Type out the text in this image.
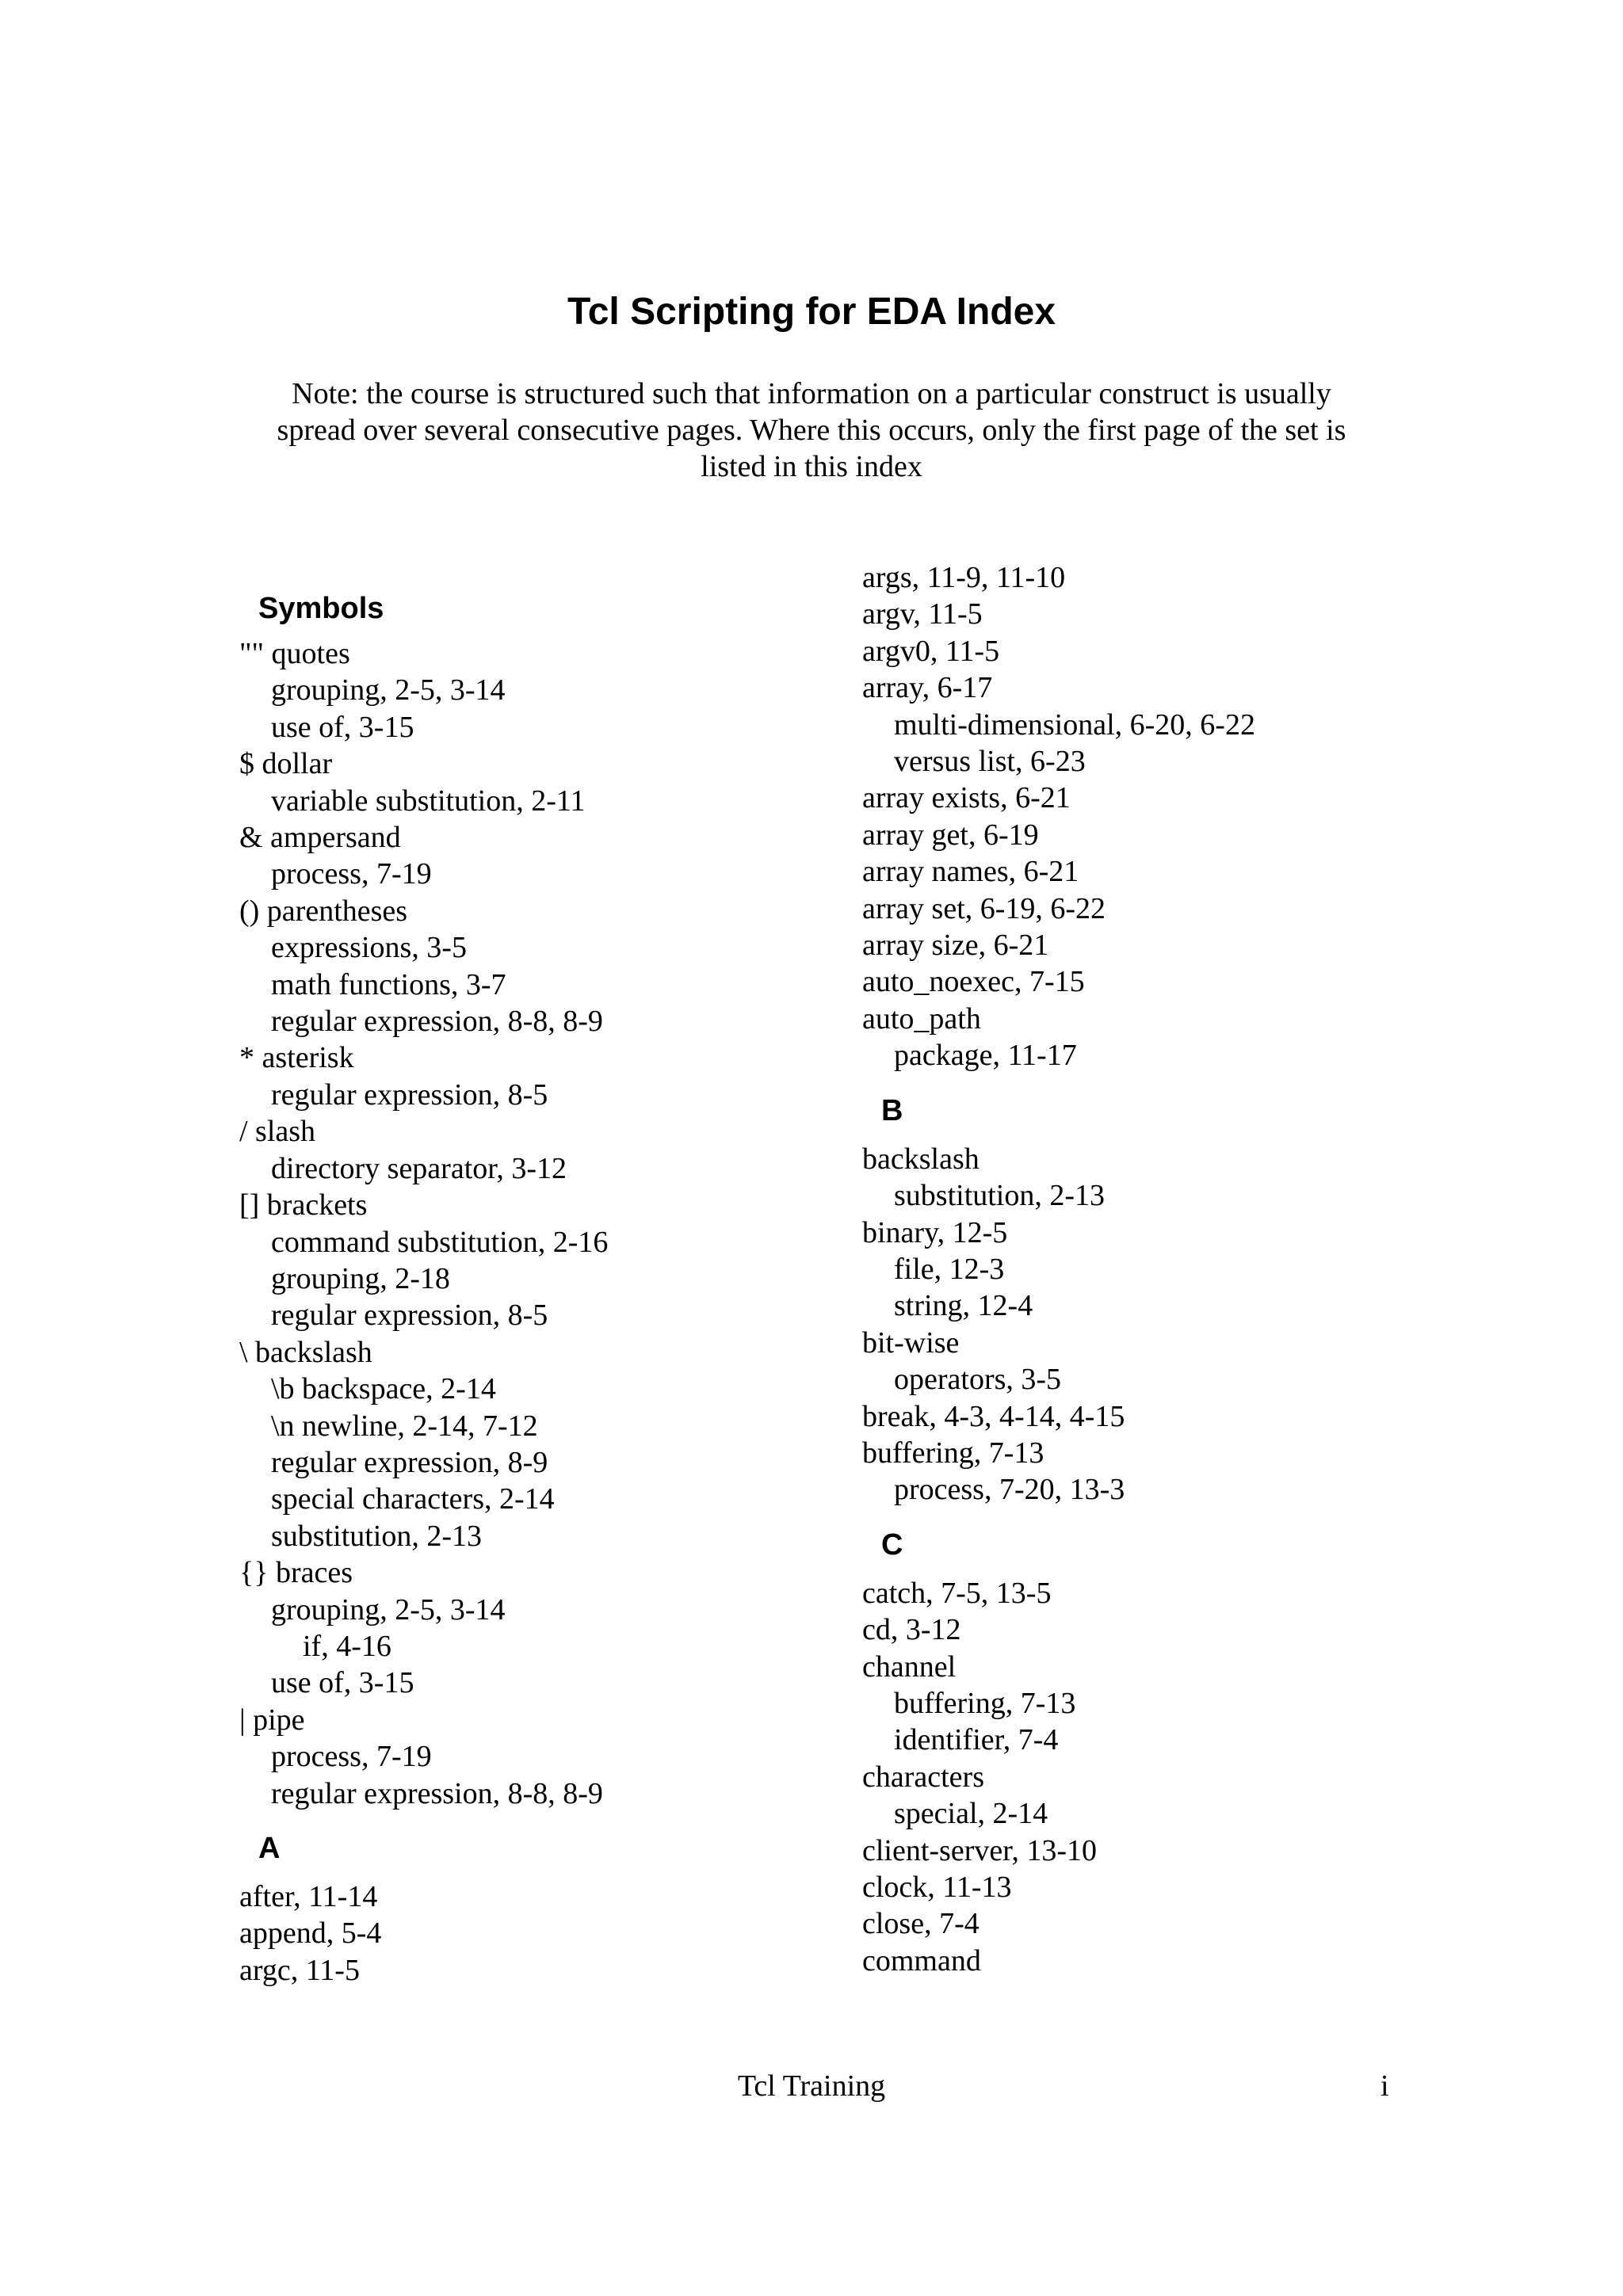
Tcl Scripting for EDA Index
Note: the course is structured such that information on a particular construct is usually
spread over several consecutive pages. Where this occurs, only the first page of the set is
listed in this index
Symbols
"" quotes
grouping, 2-5, 3-14
use of, 3-15
$ dollar
variable substitution, 2-11
& ampersand
process, 7-19
() parentheses
expressions, 3-5
math functions, 3-7
regular expression, 8-8, 8-9
* asterisk
regular expression, 8-5
/ slash
directory separator, 3-12
[] brackets
command substitution, 2-16
grouping, 2-18
regular expression, 8-5
\ backslash
\b backspace, 2-14
\n newline, 2-14, 7-12
regular expression, 8-9
special characters, 2-14
substitution, 2-13
{} braces
grouping, 2-5, 3-14
if, 4-16
use of, 3-15
| pipe
process, 7-19
regular expression, 8-8, 8-9
A
after, 11-14
append, 5-4
argc, 11-5
args, 11-9, 11-10
argv, 11-5
argv0, 11-5
array, 6-17
multi-dimensional, 6-20, 6-22
versus list, 6-23
array exists, 6-21
array get, 6-19
array names, 6-21
array set, 6-19, 6-22
array size, 6-21
auto_noexec, 7-15
auto_path
package, 11-17
B
backslash
substitution, 2-13
binary, 12-5
file, 12-3
string, 12-4
bit-wise
operators, 3-5
break, 4-3, 4-14, 4-15
buffering, 7-13
process, 7-20, 13-3
C
catch, 7-5, 13-5
cd, 3-12
channel
buffering, 7-13
identifier, 7-4
characters
special, 2-14
client-server, 13-10
clock, 11-13
close, 7-4
command
Tcl Training	i
